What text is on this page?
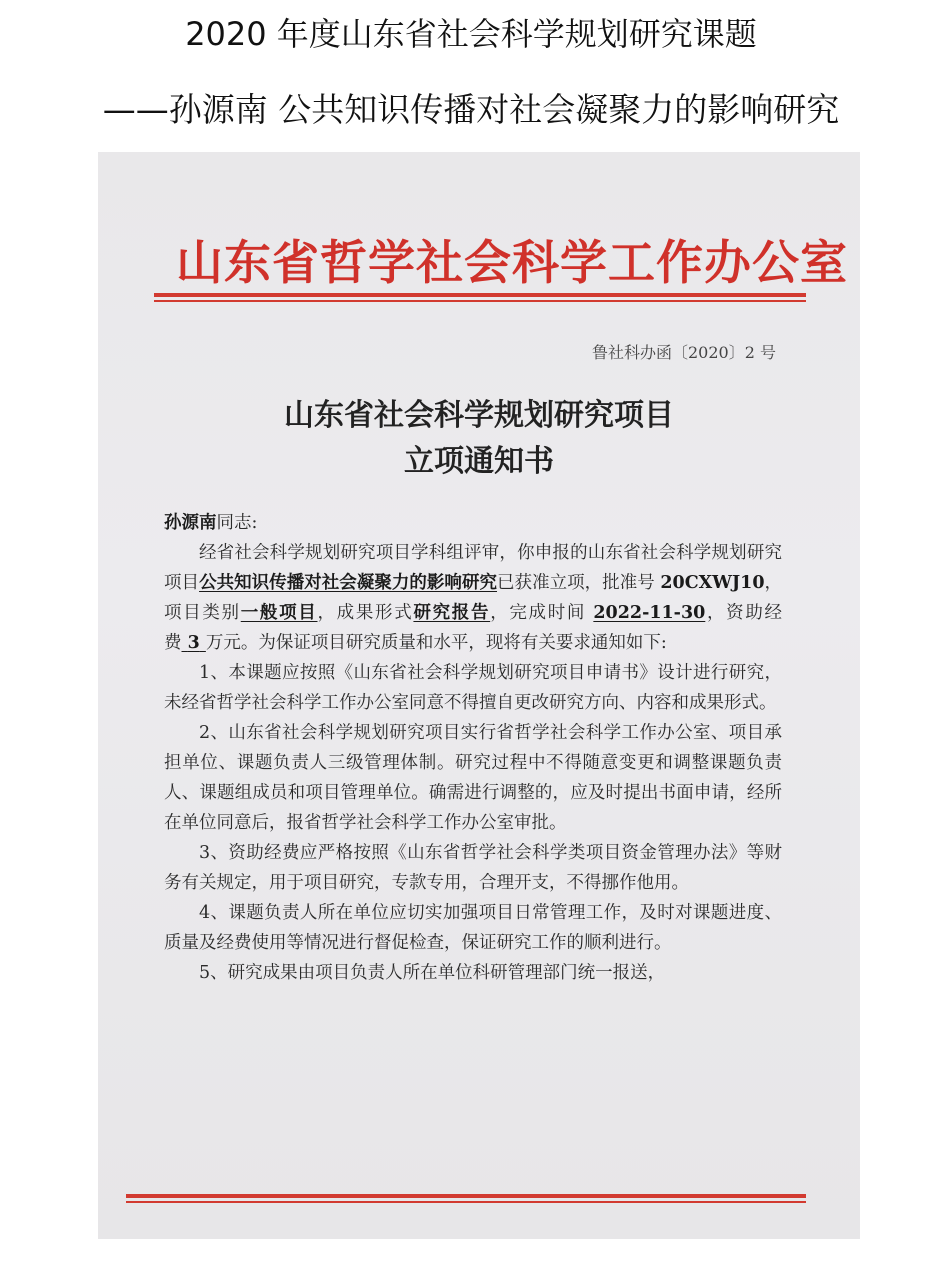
2020 年度山东省社会科学规划研究课题
——孙源南 公共知识传播对社会凝聚力的影响研究
山东省哲学社会科学工作办公室
鲁社科办函〔2020〕2 号
山东省社会科学规划研究项目
立项通知书

孙源南同志:

经省社会科学规划研究项目学科组评审，你申报的山东省社会科学规划研究项目公共知识传播对社会凝聚力的影响研究已获准立项，批准号 20CXWJ10，项目类别一般项目，成果形式研究报告，完成时间 2022-11-30，资助经费 3 万元。为保证项目研究质量和水平，现将有关要求通知如下:

1、本课题应按照《山东省社会科学规划研究项目申请书》设计进行研究，未经省哲学社会科学工作办公室同意不得擅自更改研究方向、内容和成果形式。

2、山东省社会科学规划研究项目实行省哲学社会科学工作办公室、项目承担单位、课题负责人三级管理体制。研究过程中不得随意变更和调整课题负责人、课题组成员和项目管理单位。确需进行调整的，应及时提出书面申请，经所在单位同意后，报省哲学社会科学工作办公室审批。

3、资助经费应严格按照《山东省哲学社会科学类项目资金管理办法》等财务有关规定，用于项目研究，专款专用，合理开支，不得挪作他用。

4、课题负责人所在单位应切实加强项目日常管理工作，及时对课题进度、质量及经费使用等情况进行督促检查，保证研究工作的顺利进行。

5、研究成果由项目负责人所在单位科研管理部门统一报送，
